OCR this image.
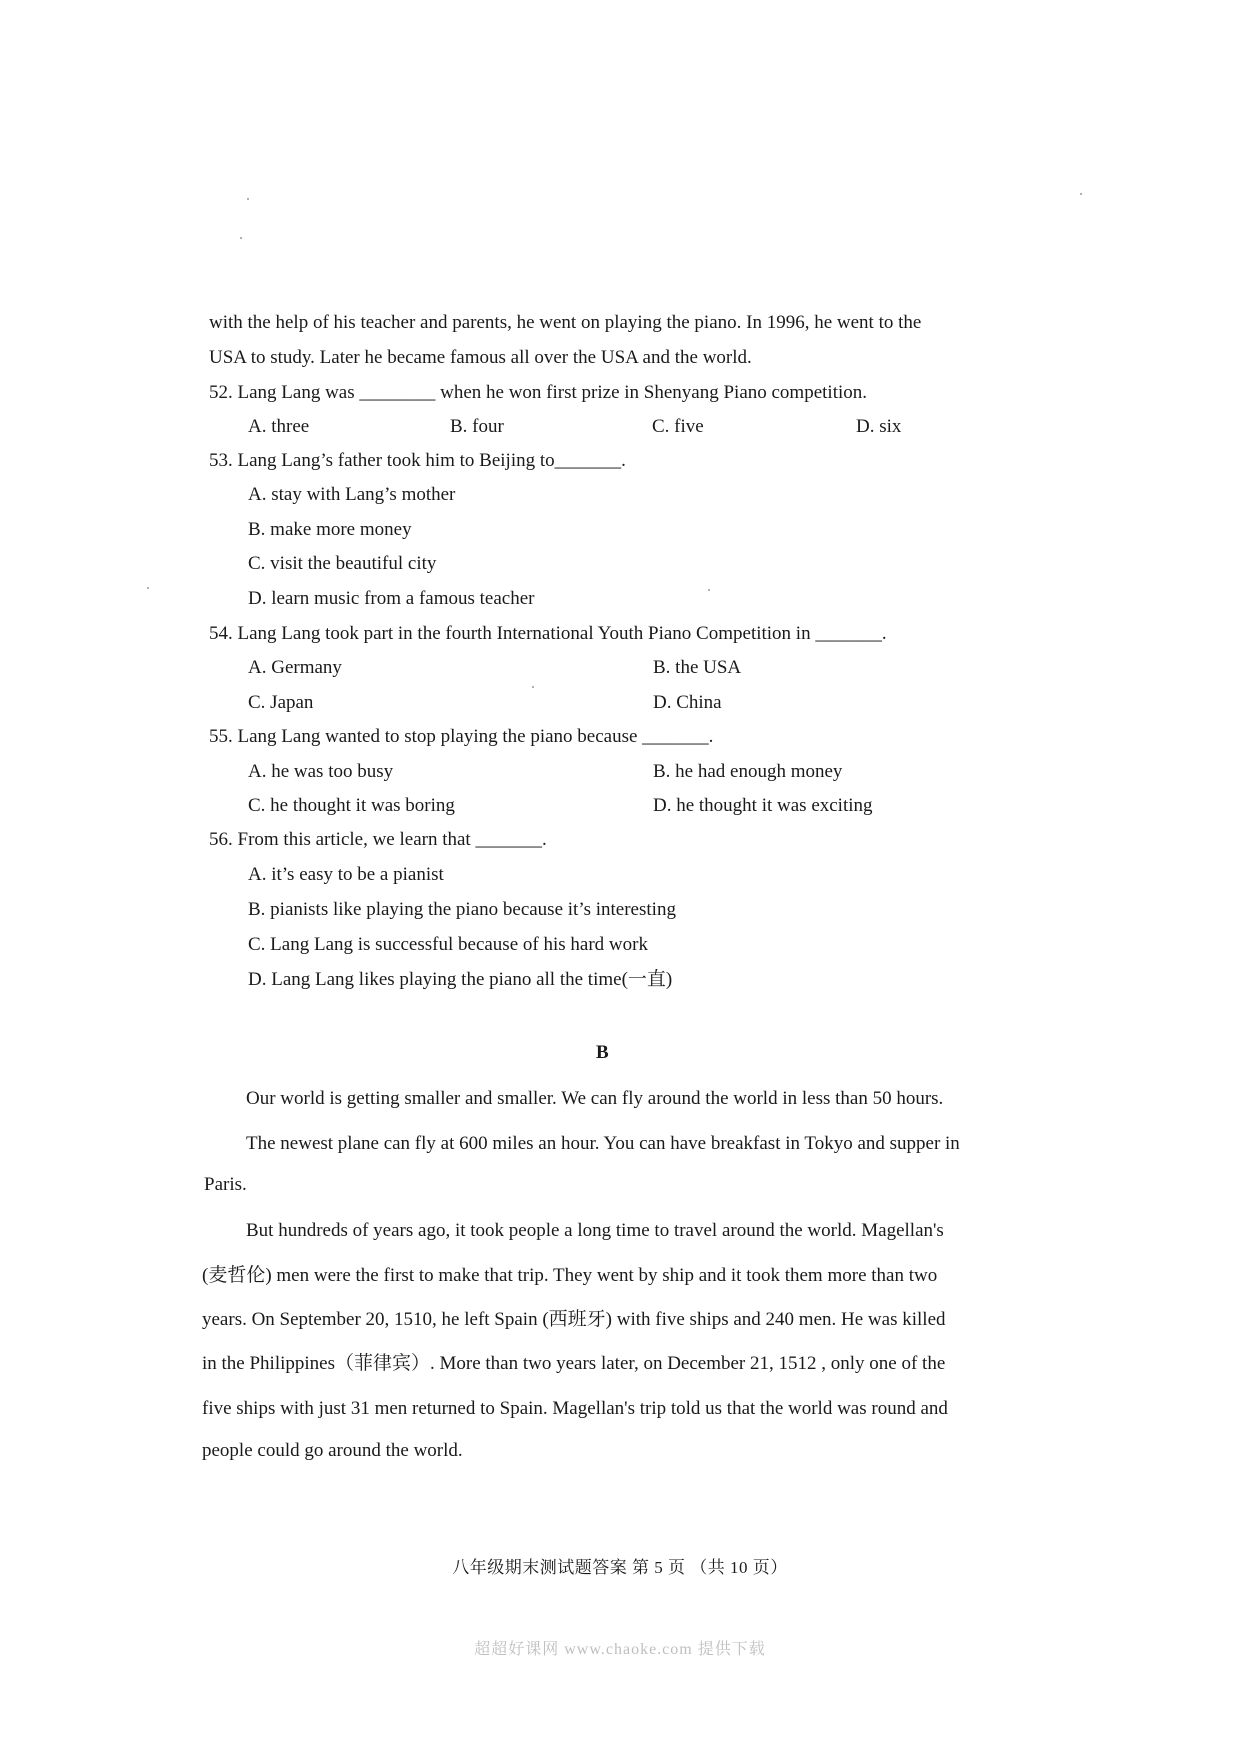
with the help of his teacher and parents, he went on playing the piano. In 1996, he went to the
USA to study. Later he became famous all over the USA and the world.
52. Lang Lang was ________ when he won first prize in Shenyang Piano competition.
A. three	B. four	C. five	D. six
53. Lang Lang’s father took him to Beijing to_______.
A. stay with Lang’s mother
B. make more money
C. visit the beautiful city
D. learn music from a famous teacher
54. Lang Lang took part in the fourth International Youth Piano Competition in _______.
A. Germany	B. the USA
C. Japan	D. China
55. Lang Lang wanted to stop playing the piano because _______.
A. he was too busy	B. he had enough money
C. he thought it was boring	D. he thought it was exciting
56. From this article, we learn that _______.
A. it’s easy to be a pianist
B. pianists like playing the piano because it’s interesting
C. Lang Lang is successful because of his hard work
D. Lang Lang likes playing the piano all the time(一直)
B
Our world is getting smaller and smaller. We can fly around the world in less than 50 hours.
The newest plane can fly at 600 miles an hour. You can have breakfast in Tokyo and supper in
Paris.
But hundreds of years ago, it took people a long time to travel around the world. Magellan's
(麦哲伦) men were the first to make that trip. They went by ship and it took them more than two
years. On September 20, 1510, he left Spain (西班牙) with five ships and 240 men. He was killed
in the Philippines（菲律宾）. More than two years later, on December 21, 1512 , only one of the
five ships with just 31 men returned to Spain. Magellan's trip told us that the world was round and
people could go around the world.
八年级期末测试题答案 第 5 页 （共 10 页）
超超好课网 www.chaoke.com 提供下载
